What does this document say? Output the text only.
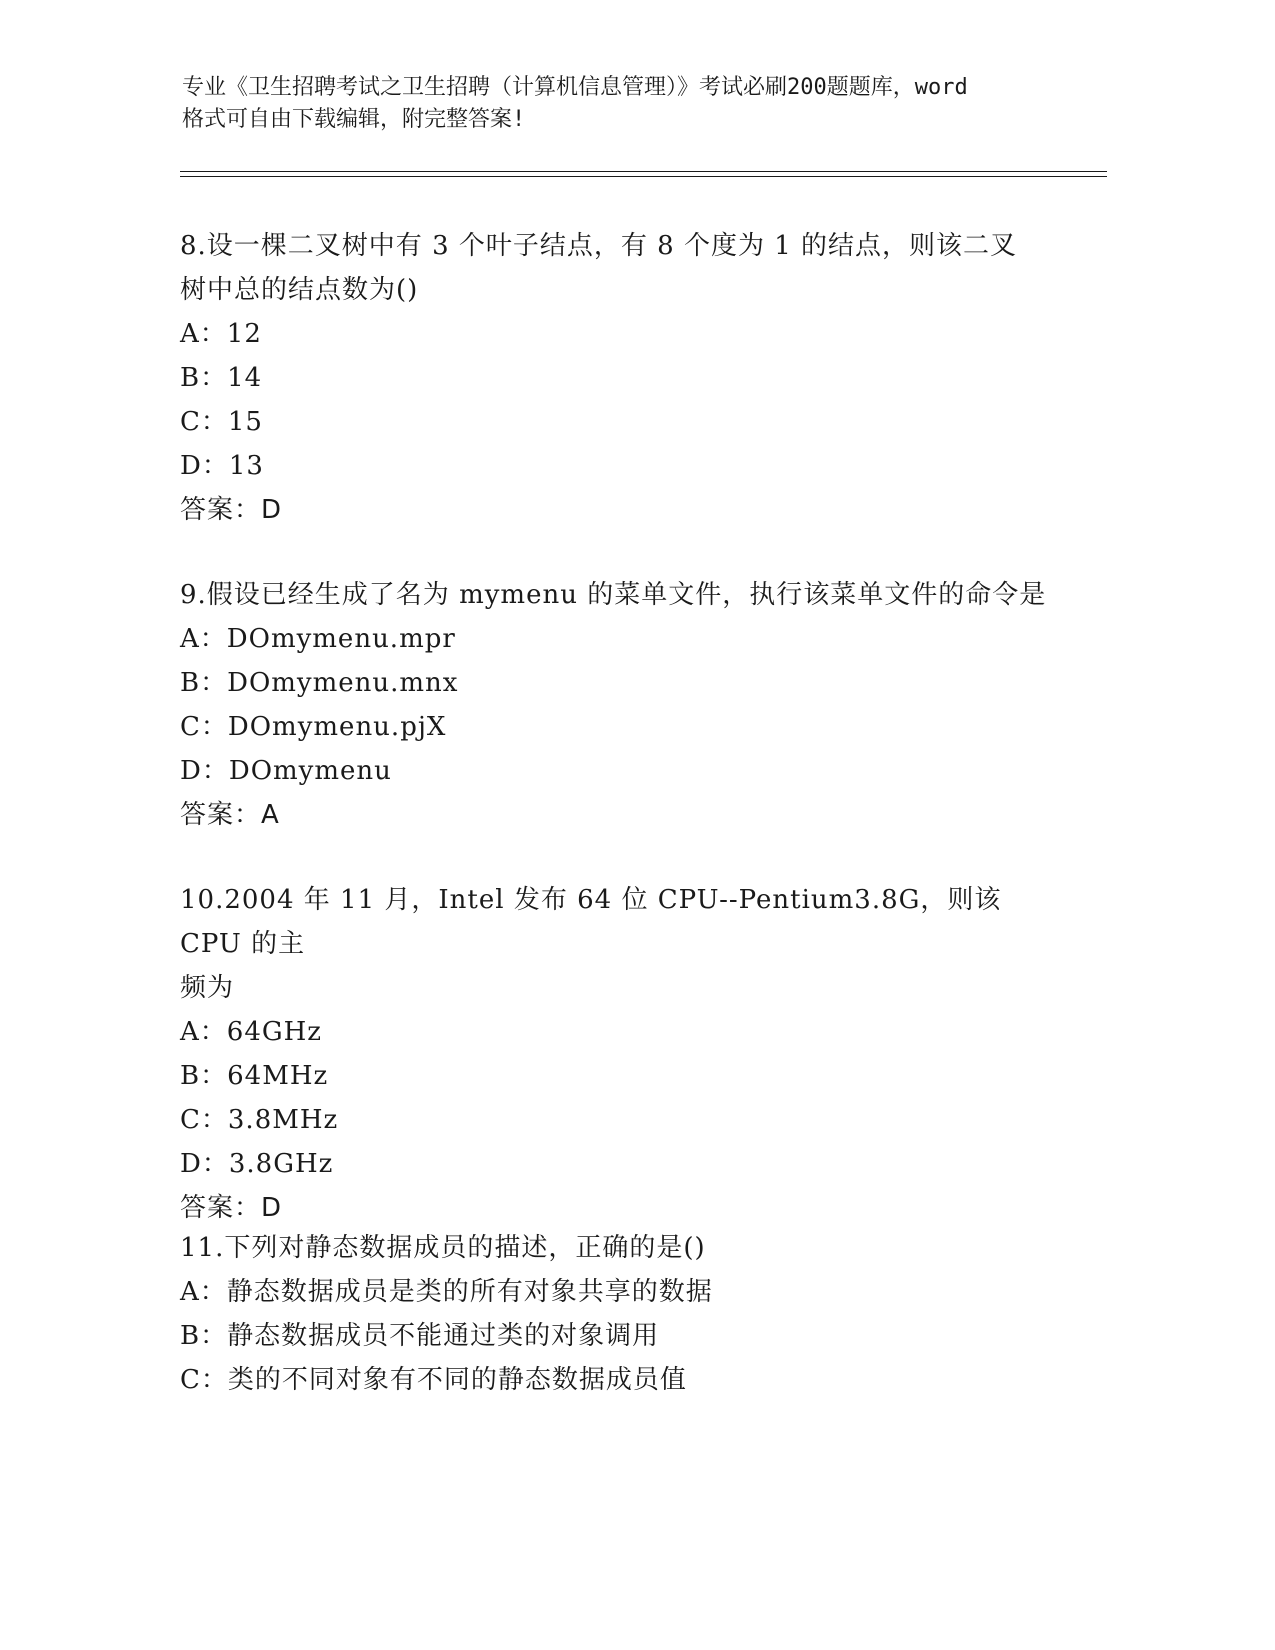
专业《卫生招聘考试之卫生招聘（计算机信息管理）》考试必刷200题题库，word
格式可自由下载编辑，附完整答案!

8.设一棵二叉树中有 3 个叶子结点，有 8 个度为 1 的结点，则该二叉

树中总的结点数为()

A：12

B：14

C：15

D：13

答案：D

9.假设已经生成了名为 mymenu 的菜单文件，执行该菜单文件的命令是

A：DOmymenu.mpr

B：DOmymenu.mnx

C：DOmymenu.pjX

D：DOmymenu

答案：A

10.2004 年 11 月，Intel 发布 64 位 CPU--Pentium3.8G，则该 CPU 的主

频为

A：64GHz

B：64MHz

C：3.8MHz

D：3.8GHz

答案：D

11.下列对静态数据成员的描述，正确的是()

A：静态数据成员是类的所有对象共享的数据

B：静态数据成员不能通过类的对象调用

C：类的不同对象有不同的静态数据成员值
